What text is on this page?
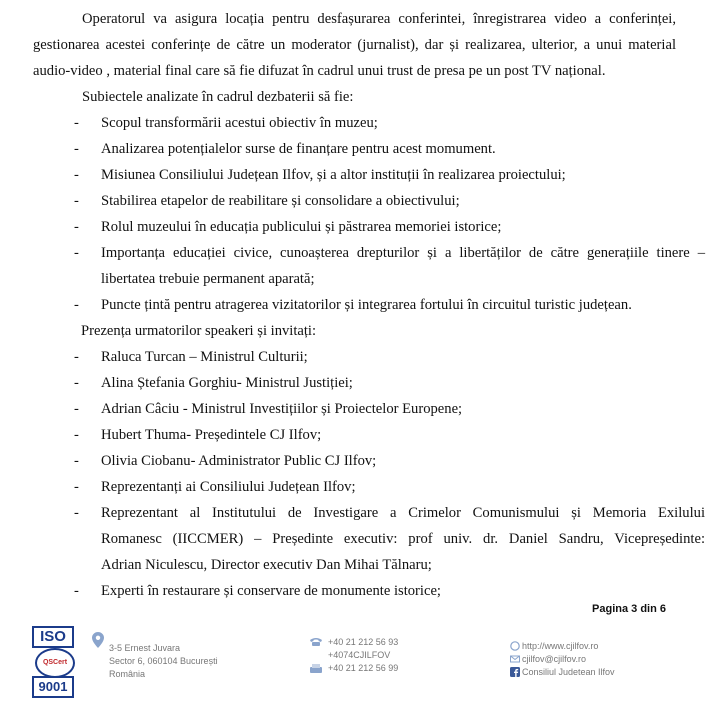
Operatorul va asigura locația pentru desfașurarea conferintei, înregistrarea video a conferinței,
gestionarea acestei conferințe de către un moderator (jurnalist), dar și realizarea, ulterior, a unui material
audio-video , material final care să fie difuzat în cadrul unui trust de presa pe un post TV național.
Subiectele analizate în cadrul dezbaterii să fie:
-	Scopul transformării acestui obiectiv în muzeu;
-	Analizarea potențialelor surse de finanțare pentru acest momument.
-	Misiunea Consiliului Județean Ilfov, și a altor instituții în realizarea proiectului;
-	Stabilirea etapelor de reabilitare și consolidare a obiectivului;
-	Rolul muzeului în educația publicului și păstrarea memoriei istorice;
-	Importanța educației civice, cunoașterea drepturilor și a libertăților de către generațiile tinere –
libertatea trebuie permanent aparată;
-	Puncte țintă pentru atragerea vizitatorilor și integrarea fortului în circuitul turistic județean.
Prezența urmatorilor speakeri și invitați:
-	Raluca Turcan – Ministrul Culturii;
-	Alina Ștefania Gorghiu- Ministrul Justiției;
-	Adrian Câciu - Ministrul Investițiilor și Proiectelor Europene;
-	Hubert Thuma- Președintele CJ Ilfov;
-	Olivia Ciobanu- Administrator Public CJ Ilfov;
-	Reprezentanți ai Consiliului Județean Ilfov;
-	Reprezentant al Institutului de Investigare a Crimelor Comunismului și Memoria Exilului
Romanesc (IICCMER) – Președinte executiv: prof univ. dr. Daniel Sandru, Vicepreședinte:
Adrian Niculescu, Director executiv Dan Mihai Tălnaru;
-	Experti în restaurare și conservare de monumente istorice;
Pagina 3 din 6
ISO
QSCert
9001
3-5 Ernest Juvara
Sector 6, 060104 București
România
+40 21 212 56 93
+4074CJILFOV
+40 21 212 56 99
http://www.cjilfov.ro
cjilfov@cjilfov.ro
Consiliul Judetean Ilfov
